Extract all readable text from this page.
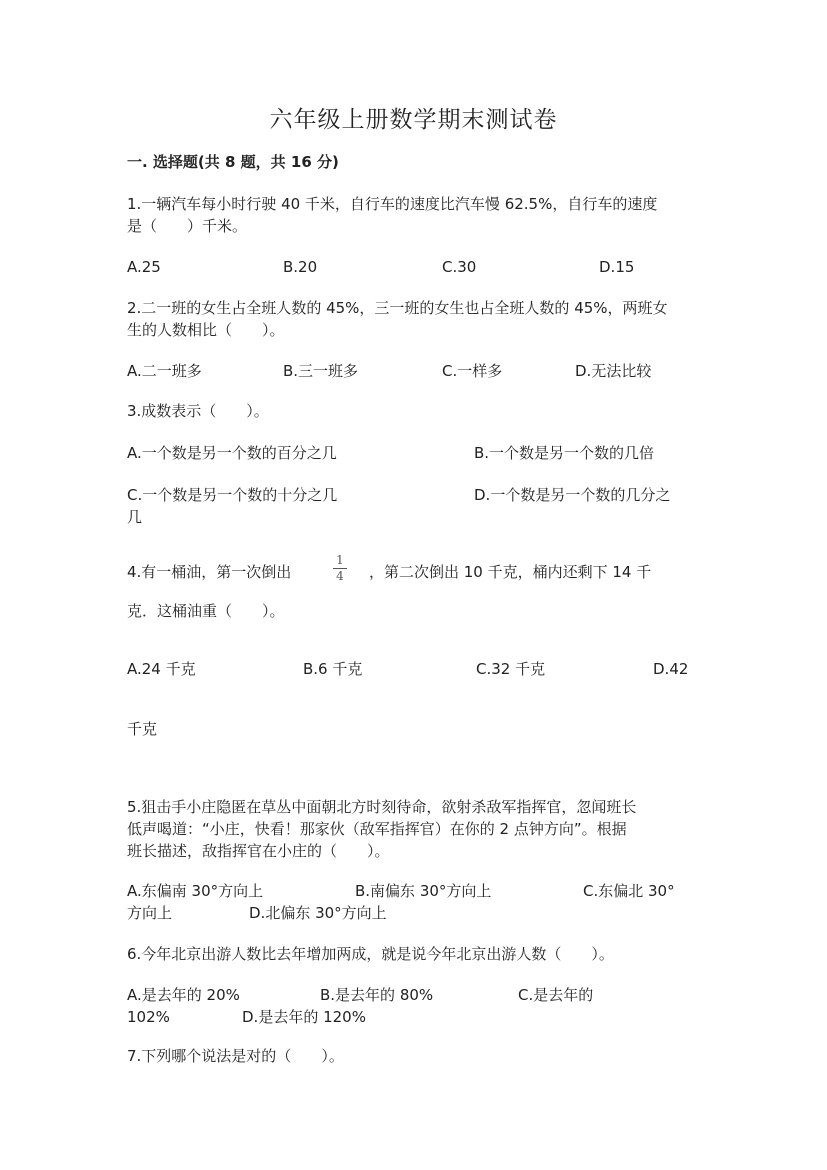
六年级上册数学期末测试卷
一. 选择题(共 8 题，共 16 分)
1.一辆汽车每小时行驶 40 千米，自行车的速度比汽车慢 62.5%，自行车的速度
是（　　）千米。
A.25	B.20	C.30	D.15
2.二一班的女生占全班人数的 45%，三一班的女生也占全班人数的 45%，两班女
生的人数相比（　　）。
A.二一班多	B.三一班多	C.一样多	D.无法比较
3.成数表示（　　）。
A.一个数是另一个数的百分之几	B.一个数是另一个数的几倍
C.一个数是另一个数的十分之几	D.一个数是另一个数的几分之
几
4.有一桶油，第一次倒出
1
4	，第二次倒出 10 千克，桶内还剩下 14 千
克．这桶油重（　　）。
A.24 千克	B.6 千克	C.32 千克	D.42
千克
5.狙击手小庄隐匿在草丛中面朝北方时刻待命，欲射杀敌军指挥官，忽闻班长
低声喝道：“小庄，快看！那家伙（敌军指挥官）在你的 2 点钟方向”。根据
班长描述，敌指挥官在小庄的（　　）。
A.东偏南 30°方向上	B.南偏东 30°方向上	C.东偏北 30°
方向上	D.北偏东 30°方向上
6.今年北京出游人数比去年增加两成，就是说今年北京出游人数（　　）。
A.是去年的 20%	B.是去年的 80%	C.是去年的
102%	D.是去年的 120%
7.下列哪个说法是对的（　　）。
